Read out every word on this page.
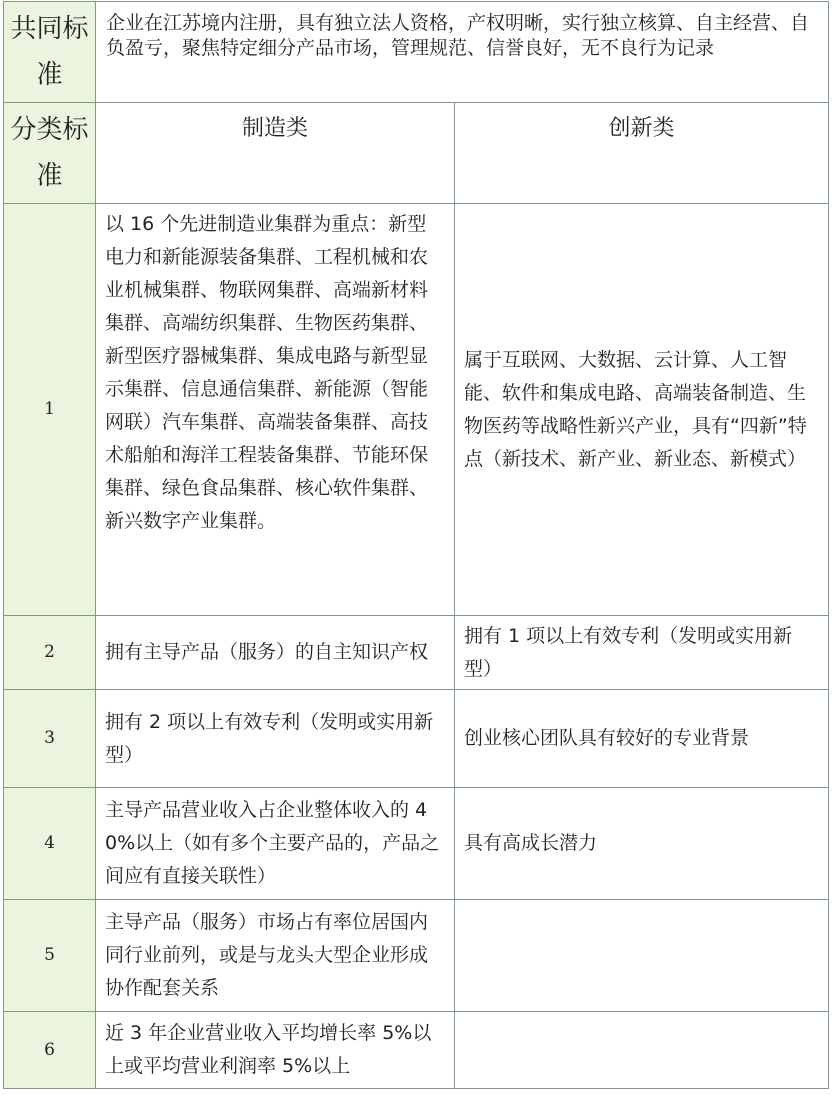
共同标准	企业在江苏境内注册，具有独立法人资格，产权明晰，实行独立核算、自主经营、自负盈亏，聚焦特定细分产品市场，管理规范、信誉良好，无不良行为记录	
分类标准	制造类	创新类
1	以 16 个先进制造业集群为重点：新型电力和新能源装备集群、工程机械和农业机械集群、物联网集群、高端新材料集群、高端纺织集群、生物医药集群、新型医疗器械集群、集成电路与新型显示集群、信息通信集群、新能源（智能网联）汽车集群、高端装备集群、高技术船舶和海洋工程装备集群、节能环保集群、绿色食品集群、核心软件集群、新兴数字产业集群。	属于互联网、大数据、云计算、人工智能、软件和集成电路、高端装备制造、生物医药等战略性新兴产业，具有“四新”特点（新技术、新产业、新业态、新模式）
2	拥有主导产品（服务）的自主知识产权	拥有 1 项以上有效专利（发明或实用新型）
3	拥有 2 项以上有效专利（发明或实用新型）	创业核心团队具有较好的专业背景
4	主导产品营业收入占企业整体收入的 40%以上（如有多个主要产品的，产品之间应有直接关联性）	具有高成长潜力
5	主导产品（服务）市场占有率位居国内同行业前列，或是与龙头大型企业形成协作配套关系	
6	近 3 年企业营业收入平均增长率 5%以上或平均营业利润率 5%以上	
